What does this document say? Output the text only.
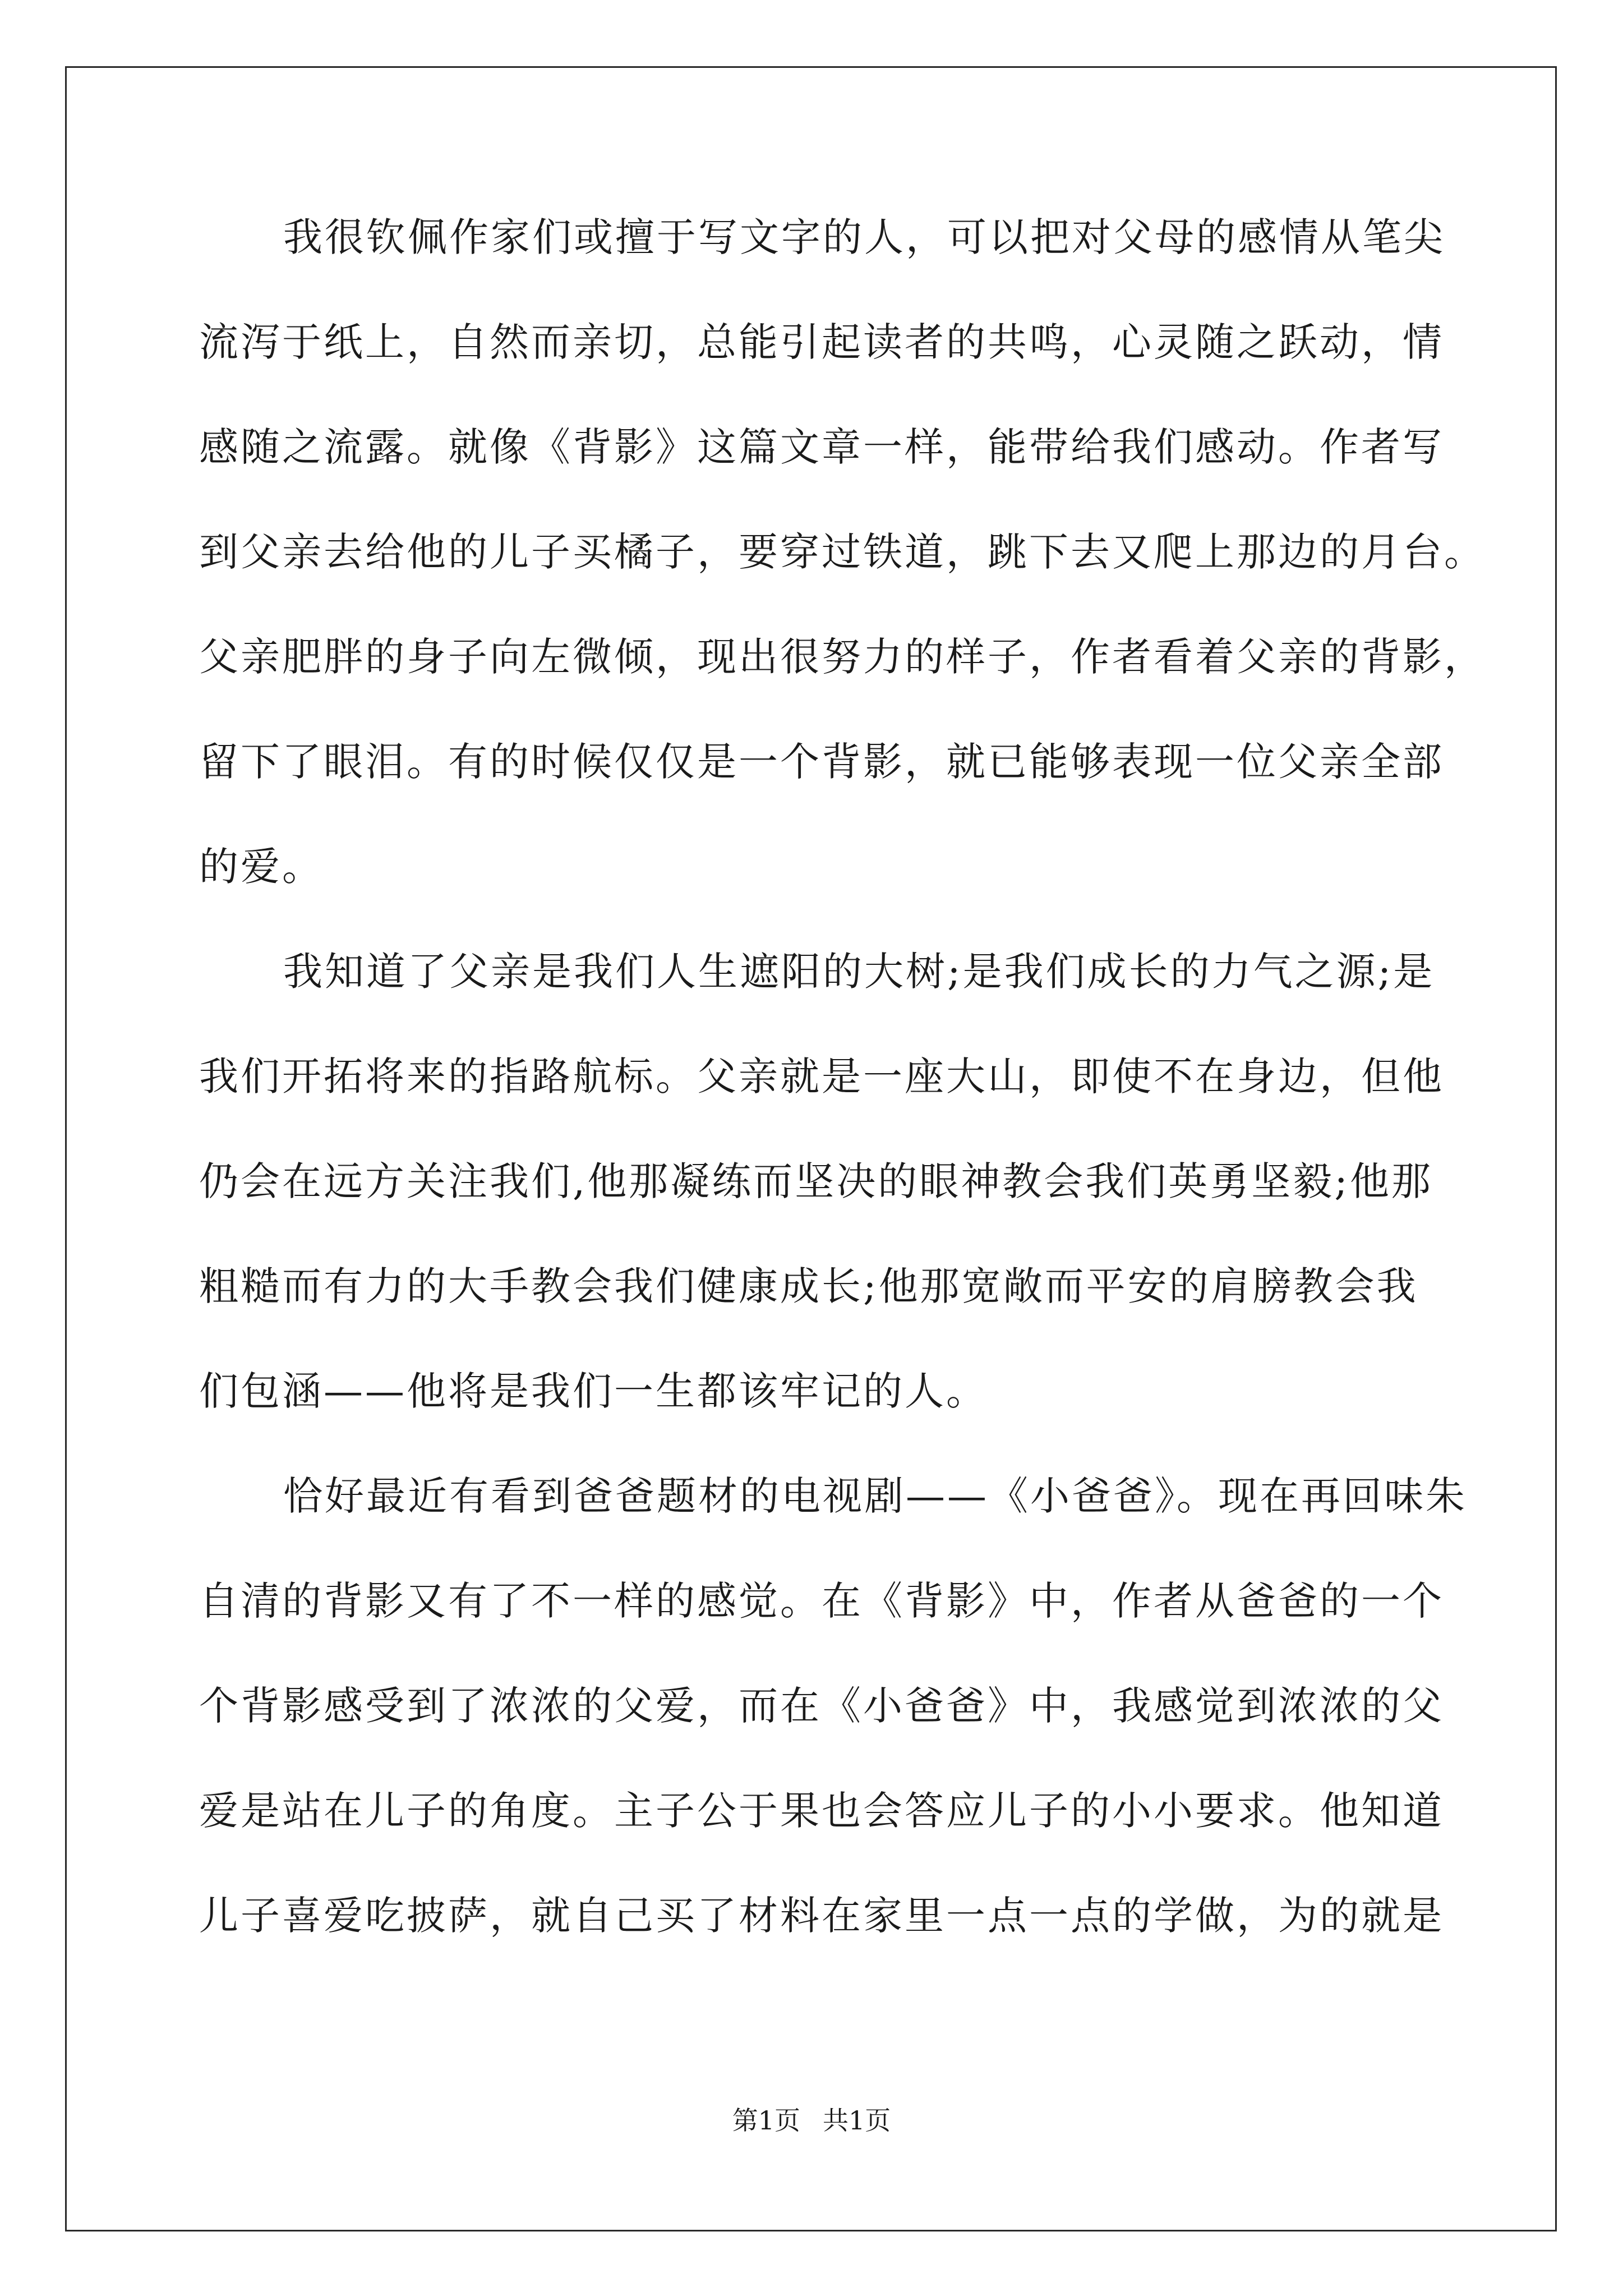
我很钦佩作家们或擅于写文字的人，可以把对父母的感情从笔尖
流泻于纸上，自然而亲切，总能引起读者的共鸣，心灵随之跃动，情
感随之流露。就像《背影》这篇文章一样，能带给我们感动。作者写
到父亲去给他的儿子买橘子，要穿过铁道，跳下去又爬上那边的月台。
父亲肥胖的身子向左微倾，现出很努力的样子，作者看着父亲的背影，
留下了眼泪。有的时候仅仅是一个背影，就已能够表现一位父亲全部
的爱。
我知道了父亲是我们人生遮阳的大树;是我们成长的力气之源;是
我们开拓将来的指路航标。父亲就是一座大山，即使不在身边，但他
仍会在远方关注我们,他那凝练而坚决的眼神教会我们英勇坚毅;他那
粗糙而有力的大手教会我们健康成长;他那宽敞而平安的肩膀教会我
们包涵——他将是我们一生都该牢记的人。
恰好最近有看到爸爸题材的电视剧——《小爸爸》。现在再回味朱
自清的背影又有了不一样的感觉。在《背影》中，作者从爸爸的一个
个背影感受到了浓浓的父爱，而在《小爸爸》中，我感觉到浓浓的父
爱是站在儿子的角度。主子公于果也会答应儿子的小小要求。他知道
儿子喜爱吃披萨，就自己买了材料在家里一点一点的学做，为的就是
第1页 共1页
